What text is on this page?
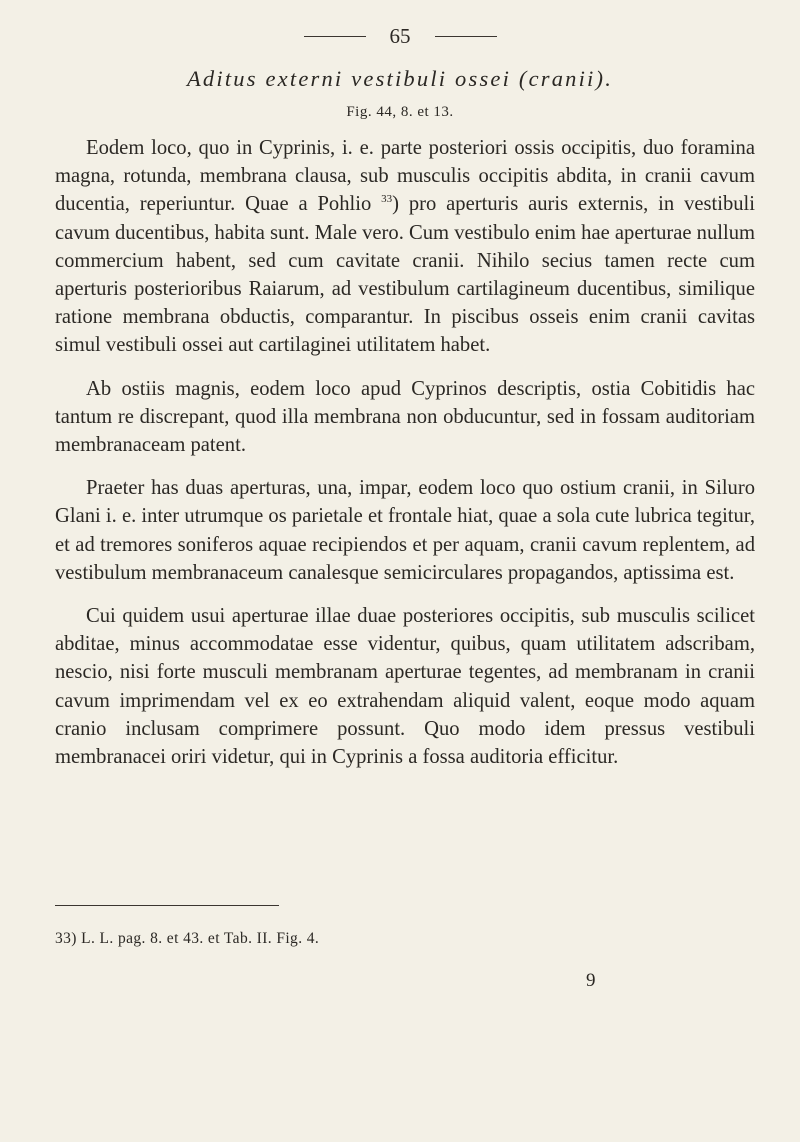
65
Aditus externi vestibuli ossei (cranii).
Fig. 44, 8. et 13.

Eodem loco, quo in Cyprinis, i. e. parte posteriori ossis occipitis, duo foramina magna, rotunda, membrana clausa, sub musculis occipitis abdita, in cranii cavum ducentia, reperiuntur. Quae a Pohlio $^{33}$) pro aperturis auris externis, in vestibuli cavum ducentibus, habita sunt. Male vero. Cum vestibulo enim hae aperturae nullum commercium habent, sed cum cavitate cranii. Nihilo secius tamen recte cum aperturis posterioribus Raiarum, ad vestibulum cartilagineum ducentibus, similique ratione membrana obductis, comparantur. In piscibus osseis enim cranii cavitas simul vestibuli ossei aut cartilaginei utilitatem habet.

Ab ostiis magnis, eodem loco apud Cyprinos descriptis, ostia Cobitidis hac tantum re discrepant, quod illa membrana non obducuntur, sed in fossam auditoriam membranaceam patent.

Praeter has duas aperturas, una, impar, eodem loco quo ostium cranii, in Siluro Glani i. e. inter utrumque os parietale et frontale hiat, quae a sola cute lubrica tegitur, et ad tremores soniferos aquae recipiendos et per aquam, cranii cavum replentem, ad vestibulum membranaceum canalesque semicirculares propagandos, aptissima est.

Cui quidem usui aperturae illae duae posteriores occipitis, sub musculis scilicet abditae, minus accommodatae esse videntur, quibus, quam utilitatem adscribam, nescio, nisi forte musculi membranam aperturae tegentes, ad membranam in cranii cavum imprimendam vel ex eo extrahendam aliquid valent, eoque modo aquam cranio inclusam comprimere possunt. Quo modo idem pressus vestibuli membranacei oriri videtur, qui in Cyprinis a fossa auditoria efficitur.

33) L. L. pag. 8. et 43. et Tab. II. Fig. 4.
9
